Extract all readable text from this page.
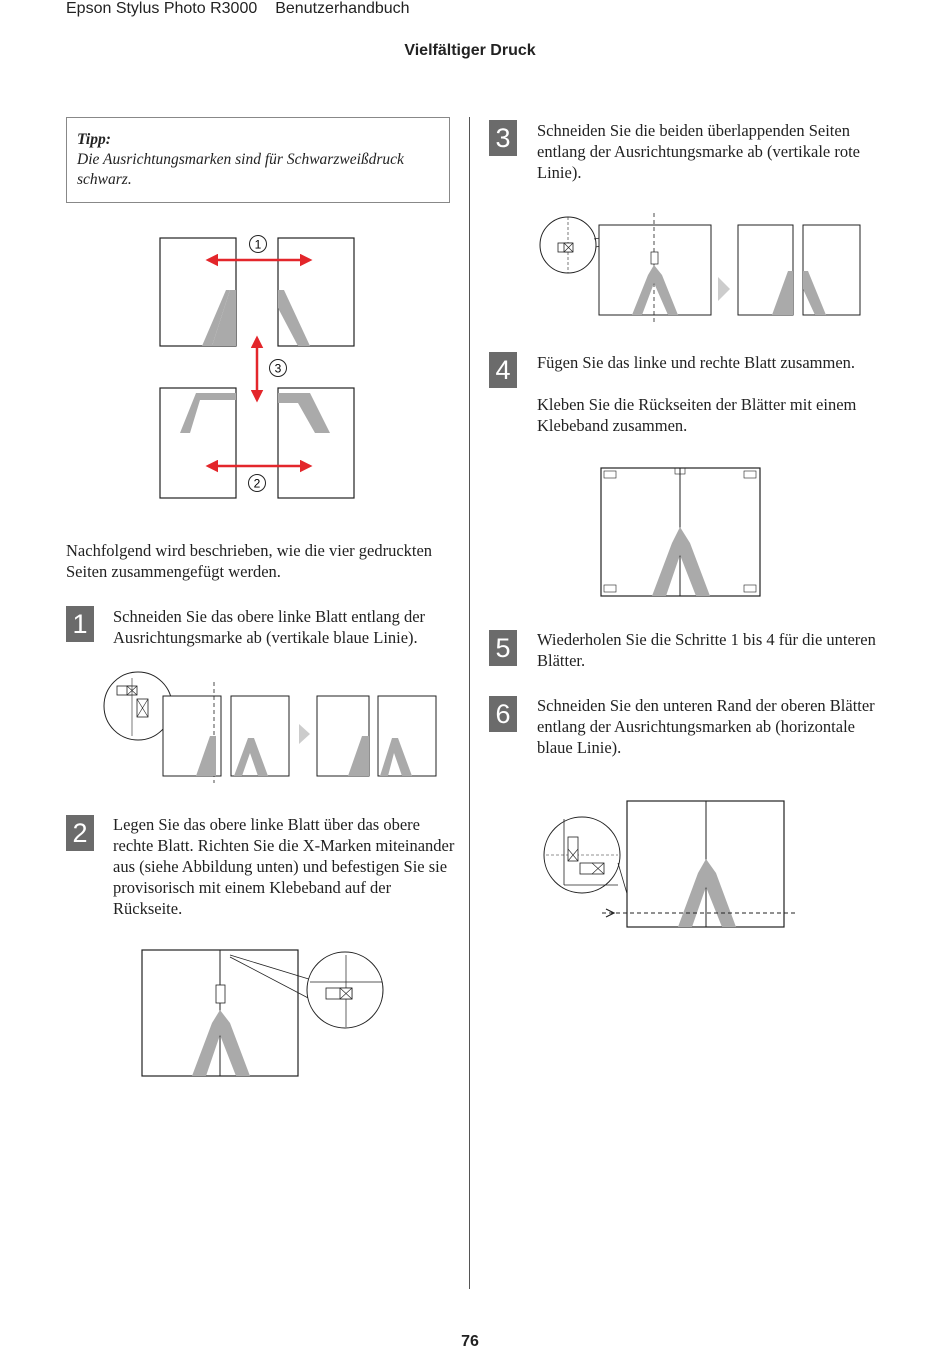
Epson Stylus Photo R3000 Benutzerhandbuch
Vielfältiger Druck
Tipp:
Die Ausrichtungsmarken sind für Schwarzweißdruck schwarz.
1
3
2
Nachfolgend wird beschrieben, wie die vier gedruckten Seiten zusammengefügt werden.
1	Schneiden Sie das obere linke Blatt entlang der Ausrichtungsmarke ab (vertikale blaue Linie).
2	Legen Sie das obere linke Blatt über das obere rechte Blatt. Richten Sie die X-Marken miteinander aus (siehe Abbildung unten) und befestigen Sie sie provisorisch mit einem Klebeband auf der Rückseite.
3	Schneiden Sie die beiden überlappenden Seiten entlang der Ausrichtungsmarke ab (vertikale rote Linie).
4	Fügen Sie das linke und rechte Blatt zusammen.
Kleben Sie die Rückseiten der Blätter mit einem Klebeband zusammen.
5	Wiederholen Sie die Schritte 1 bis 4 für die unteren Blätter.
6	Schneiden Sie den unteren Rand der oberen Blätter entlang der Ausrichtungsmarken ab (horizontale blaue Linie).
76
